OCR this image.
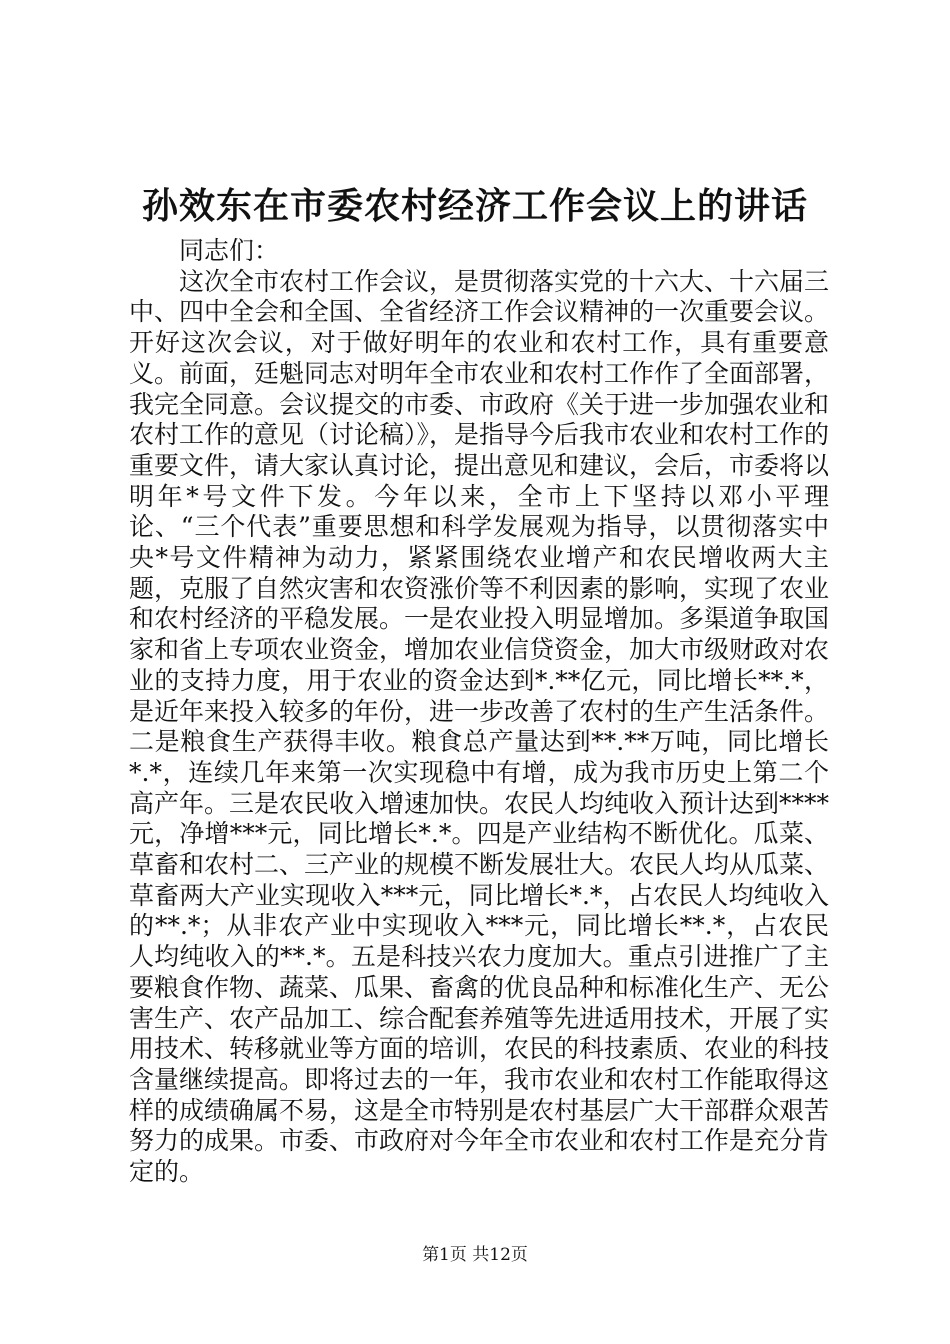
孙效东在市委农村经济工作会议上的讲话
同志们：
这次全市农村工作会议，是贯彻落实党的十六大、十六届三中、四中全会和全国、全省经济工作会议精神的一次重要会议。开好这次会议，对于做好明年的农业和农村工作，具有重要意义。前面，廷魁同志对明年全市农业和农村工作作了全面部署，我完全同意。会议提交的市委、市政府《关于进一步加强农业和农村工作的意见（讨论稿）》，是指导今后我市农业和农村工作的重要文件，请大家认真讨论，提出意见和建议，会后，市委将以明年*号文件下发。今年以来，全市上下坚持以邓小平理论、“三个代表”重要思想和科学发展观为指导，以贯彻落实中央*号文件精神为动力，紧紧围绕农业增产和农民增收两大主题，克服了自然灾害和农资涨价等不利因素的影响，实现了农业和农村经济的平稳发展。一是农业投入明显增加。多渠道争取国家和省上专项农业资金，增加农业信贷资金，加大市级财政对农业的支持力度，用于农业的资金达到*.**亿元，同比增长**.*，是近年来投入较多的年份，进一步改善了农村的生产生活条件。二是粮食生产获得丰收。粮食总产量达到**.**万吨，同比增长*.*，连续几年来第一次实现稳中有增，成为我市历史上第二个高产年。三是农民收入增速加快。农民人均纯收入预计达到****元，净增***元，同比增长*.*。四是产业结构不断优化。瓜菜、草畜和农村二、三产业的规模不断发展壮大。农民人均从瓜菜、草畜两大产业实现收入***元，同比增长*.*，占农民人均纯收入的**.*；从非农产业中实现收入***元，同比增长**.*，占农民人均纯收入的**.*。五是科技兴农力度加大。重点引进推广了主要粮食作物、蔬菜、瓜果、畜禽的优良品种和标准化生产、无公害生产、农产品加工、综合配套养殖等先进适用技术，开展了实用技术、转移就业等方面的培训，农民的科技素质、农业的科技含量继续提高。即将过去的一年，我市农业和农村工作能取得这样的成绩确属不易，这是全市特别是农村基层广大干部群众艰苦努力的成果。市委、市政府对今年全市农业和农村工作是充分肯定的。
第1页 共12页
